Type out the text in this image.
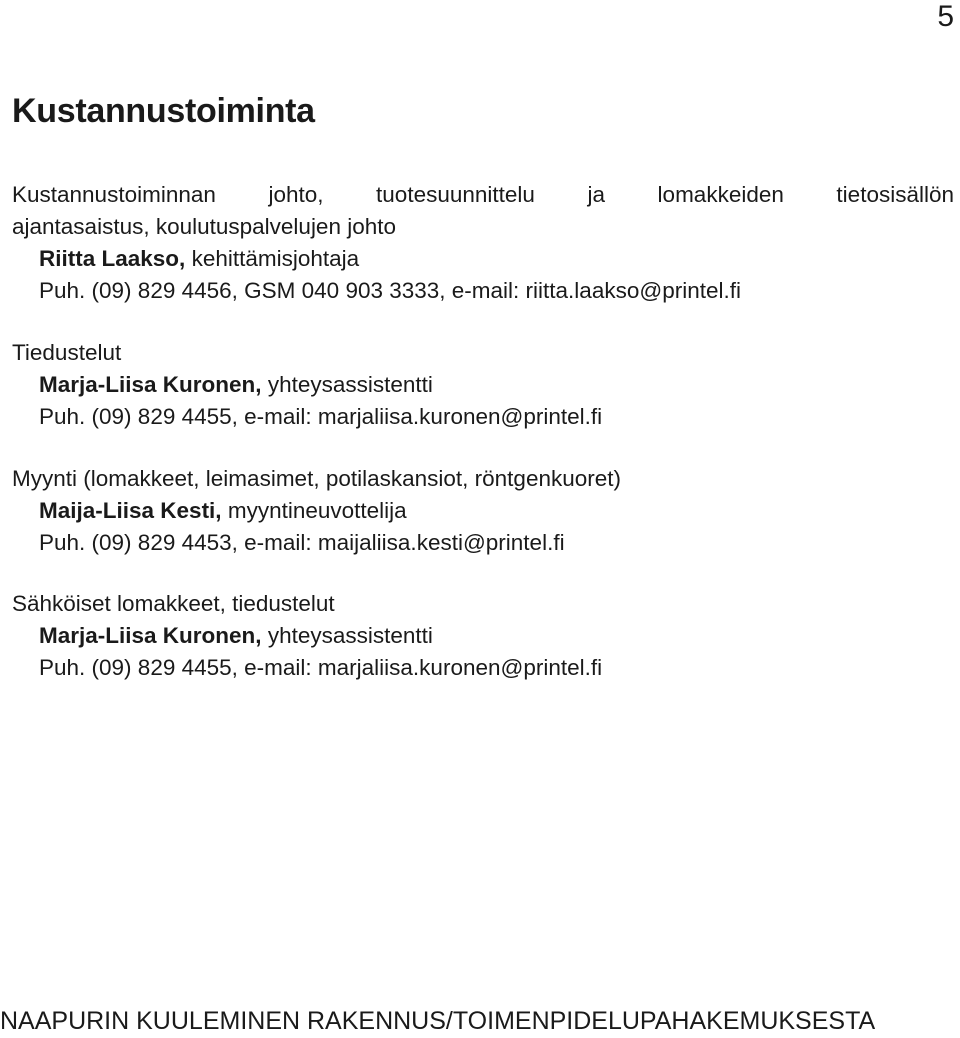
5
Kustannustoiminta
Kustannustoiminnan johto, tuotesuunnittelu ja lomakkeiden tietosisällön
ajantasaistus, koulutuspalvelujen johto
Riitta Laakso, kehittämisjohtaja
Puh. (09) 829 4456, GSM 040 903 3333, e-mail: riitta.laakso@printel.fi
Tiedustelut
Marja-Liisa Kuronen, yhteysassistentti
Puh. (09) 829 4455, e-mail: marjaliisa.kuronen@printel.fi
Myynti (lomakkeet, leimasimet, potilaskansiot, röntgenkuoret)
Maija-Liisa Kesti, myyntineuvottelija
Puh. (09) 829 4453, e-mail: maijaliisa.kesti@printel.fi
Sähköiset lomakkeet, tiedustelut
Marja-Liisa Kuronen, yhteysassistentti
Puh. (09) 829 4455, e-mail: marjaliisa.kuronen@printel.fi
NAAPURIN KUULEMINEN RAKENNUS/TOIMENPIDELUPAHAKEMUKSESTA
